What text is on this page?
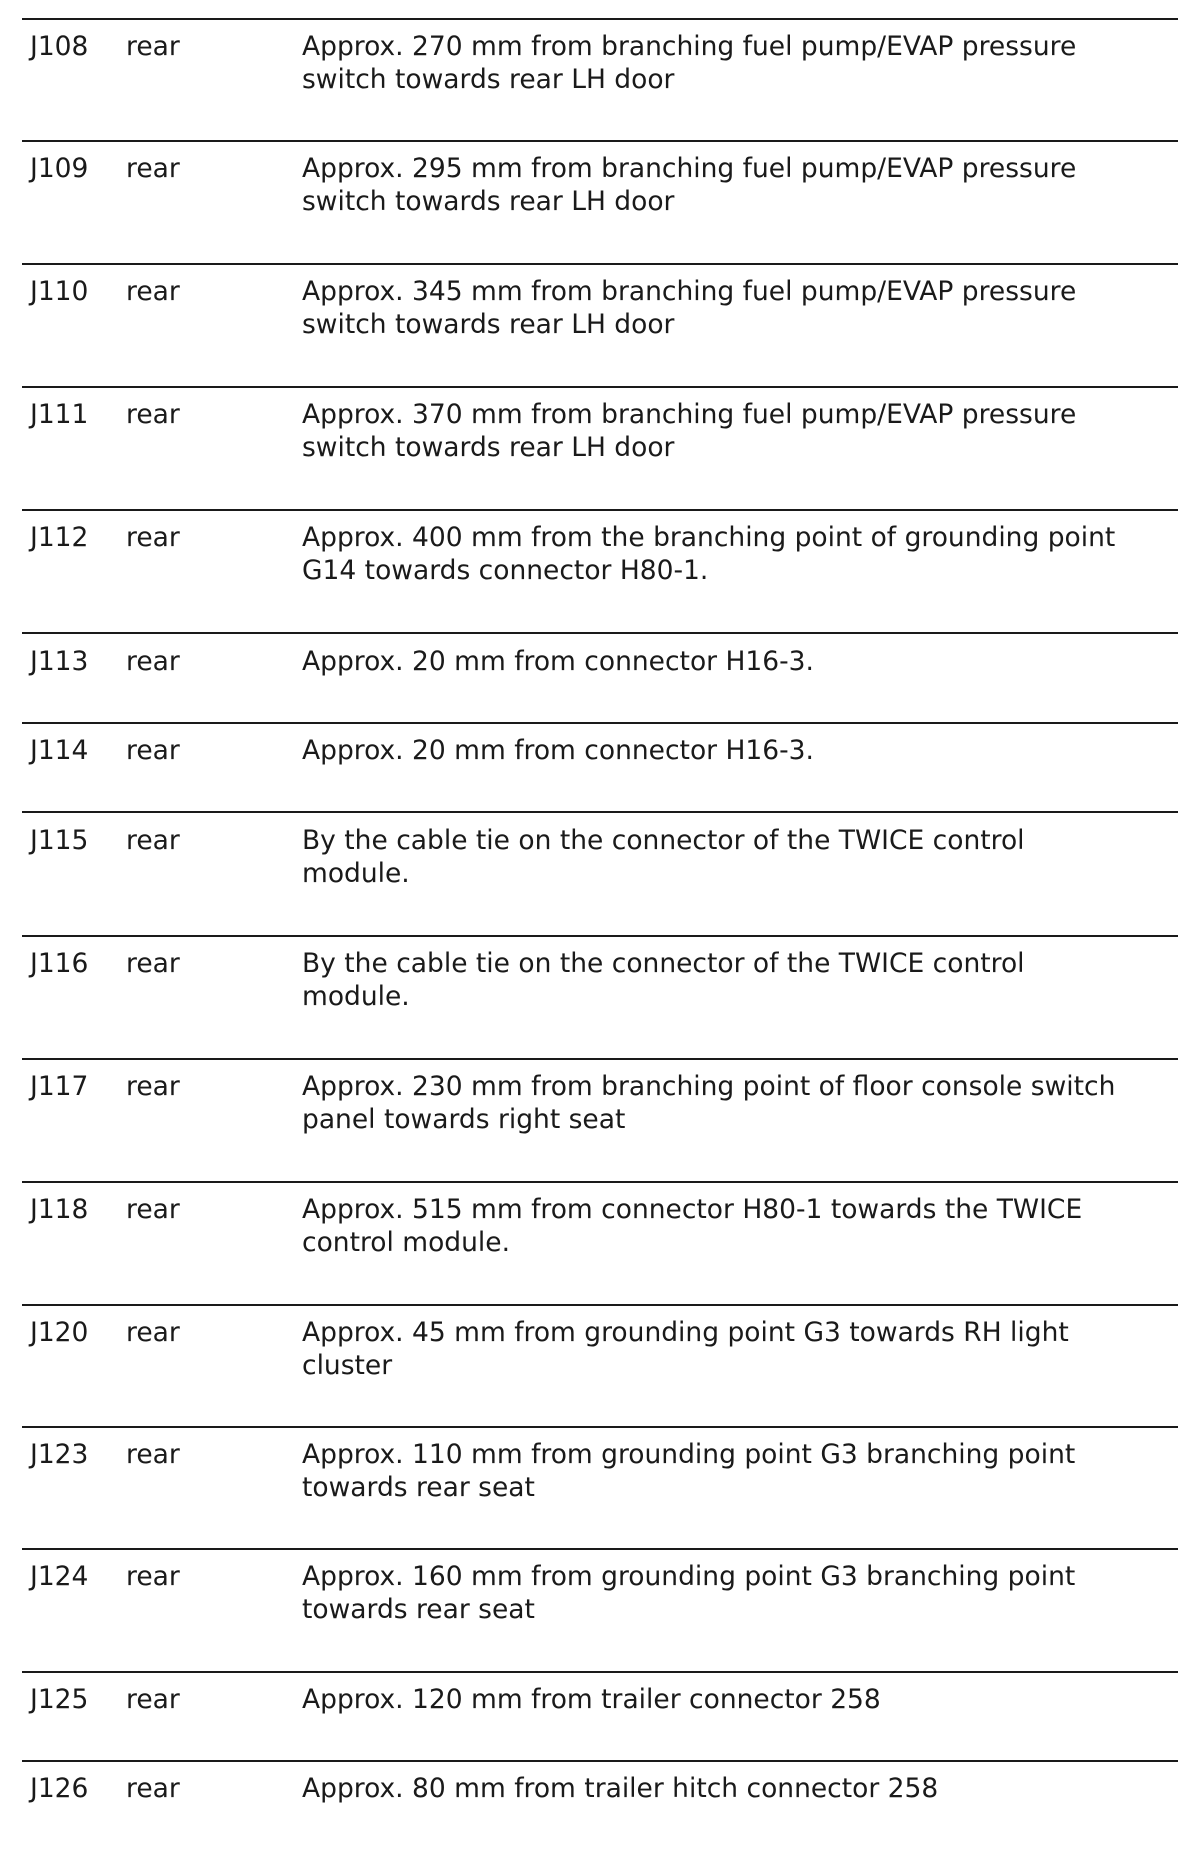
J108 rear	Approx. 270 mm from branching fuel pump/EVAP pressure
switch towards rear LH door
J109 rear	Approx. 295 mm from branching fuel pump/EVAP pressure
switch towards rear LH door
J110 rear	Approx. 345 mm from branching fuel pump/EVAP pressure
switch towards rear LH door
J111 rear	Approx. 370 mm from branching fuel pump/EVAP pressure
switch towards rear LH door
J112 rear	Approx. 400 mm from the branching point of grounding point
G14 towards connector H80-1.
J113 rear	Approx. 20 mm from connector H16-3.
J114 rear	Approx. 20 mm from connector H16-3.
J115 rear	By the cable tie on the connector of the TWICE control
module.
J116 rear	By the cable tie on the connector of the TWICE control
module.
J117 rear	Approx. 230 mm from branching point of floor console switch
panel towards right seat
J118 rear	Approx. 515 mm from connector H80-1 towards the TWICE
control module.
J120 rear	Approx. 45 mm from grounding point G3 towards RH light
cluster
J123 rear	Approx. 110 mm from grounding point G3 branching point
towards rear seat
J124 rear	Approx. 160 mm from grounding point G3 branching point
towards rear seat
J125 rear	Approx. 120 mm from trailer connector 258
J126 rear	Approx. 80 mm from trailer hitch connector 258
